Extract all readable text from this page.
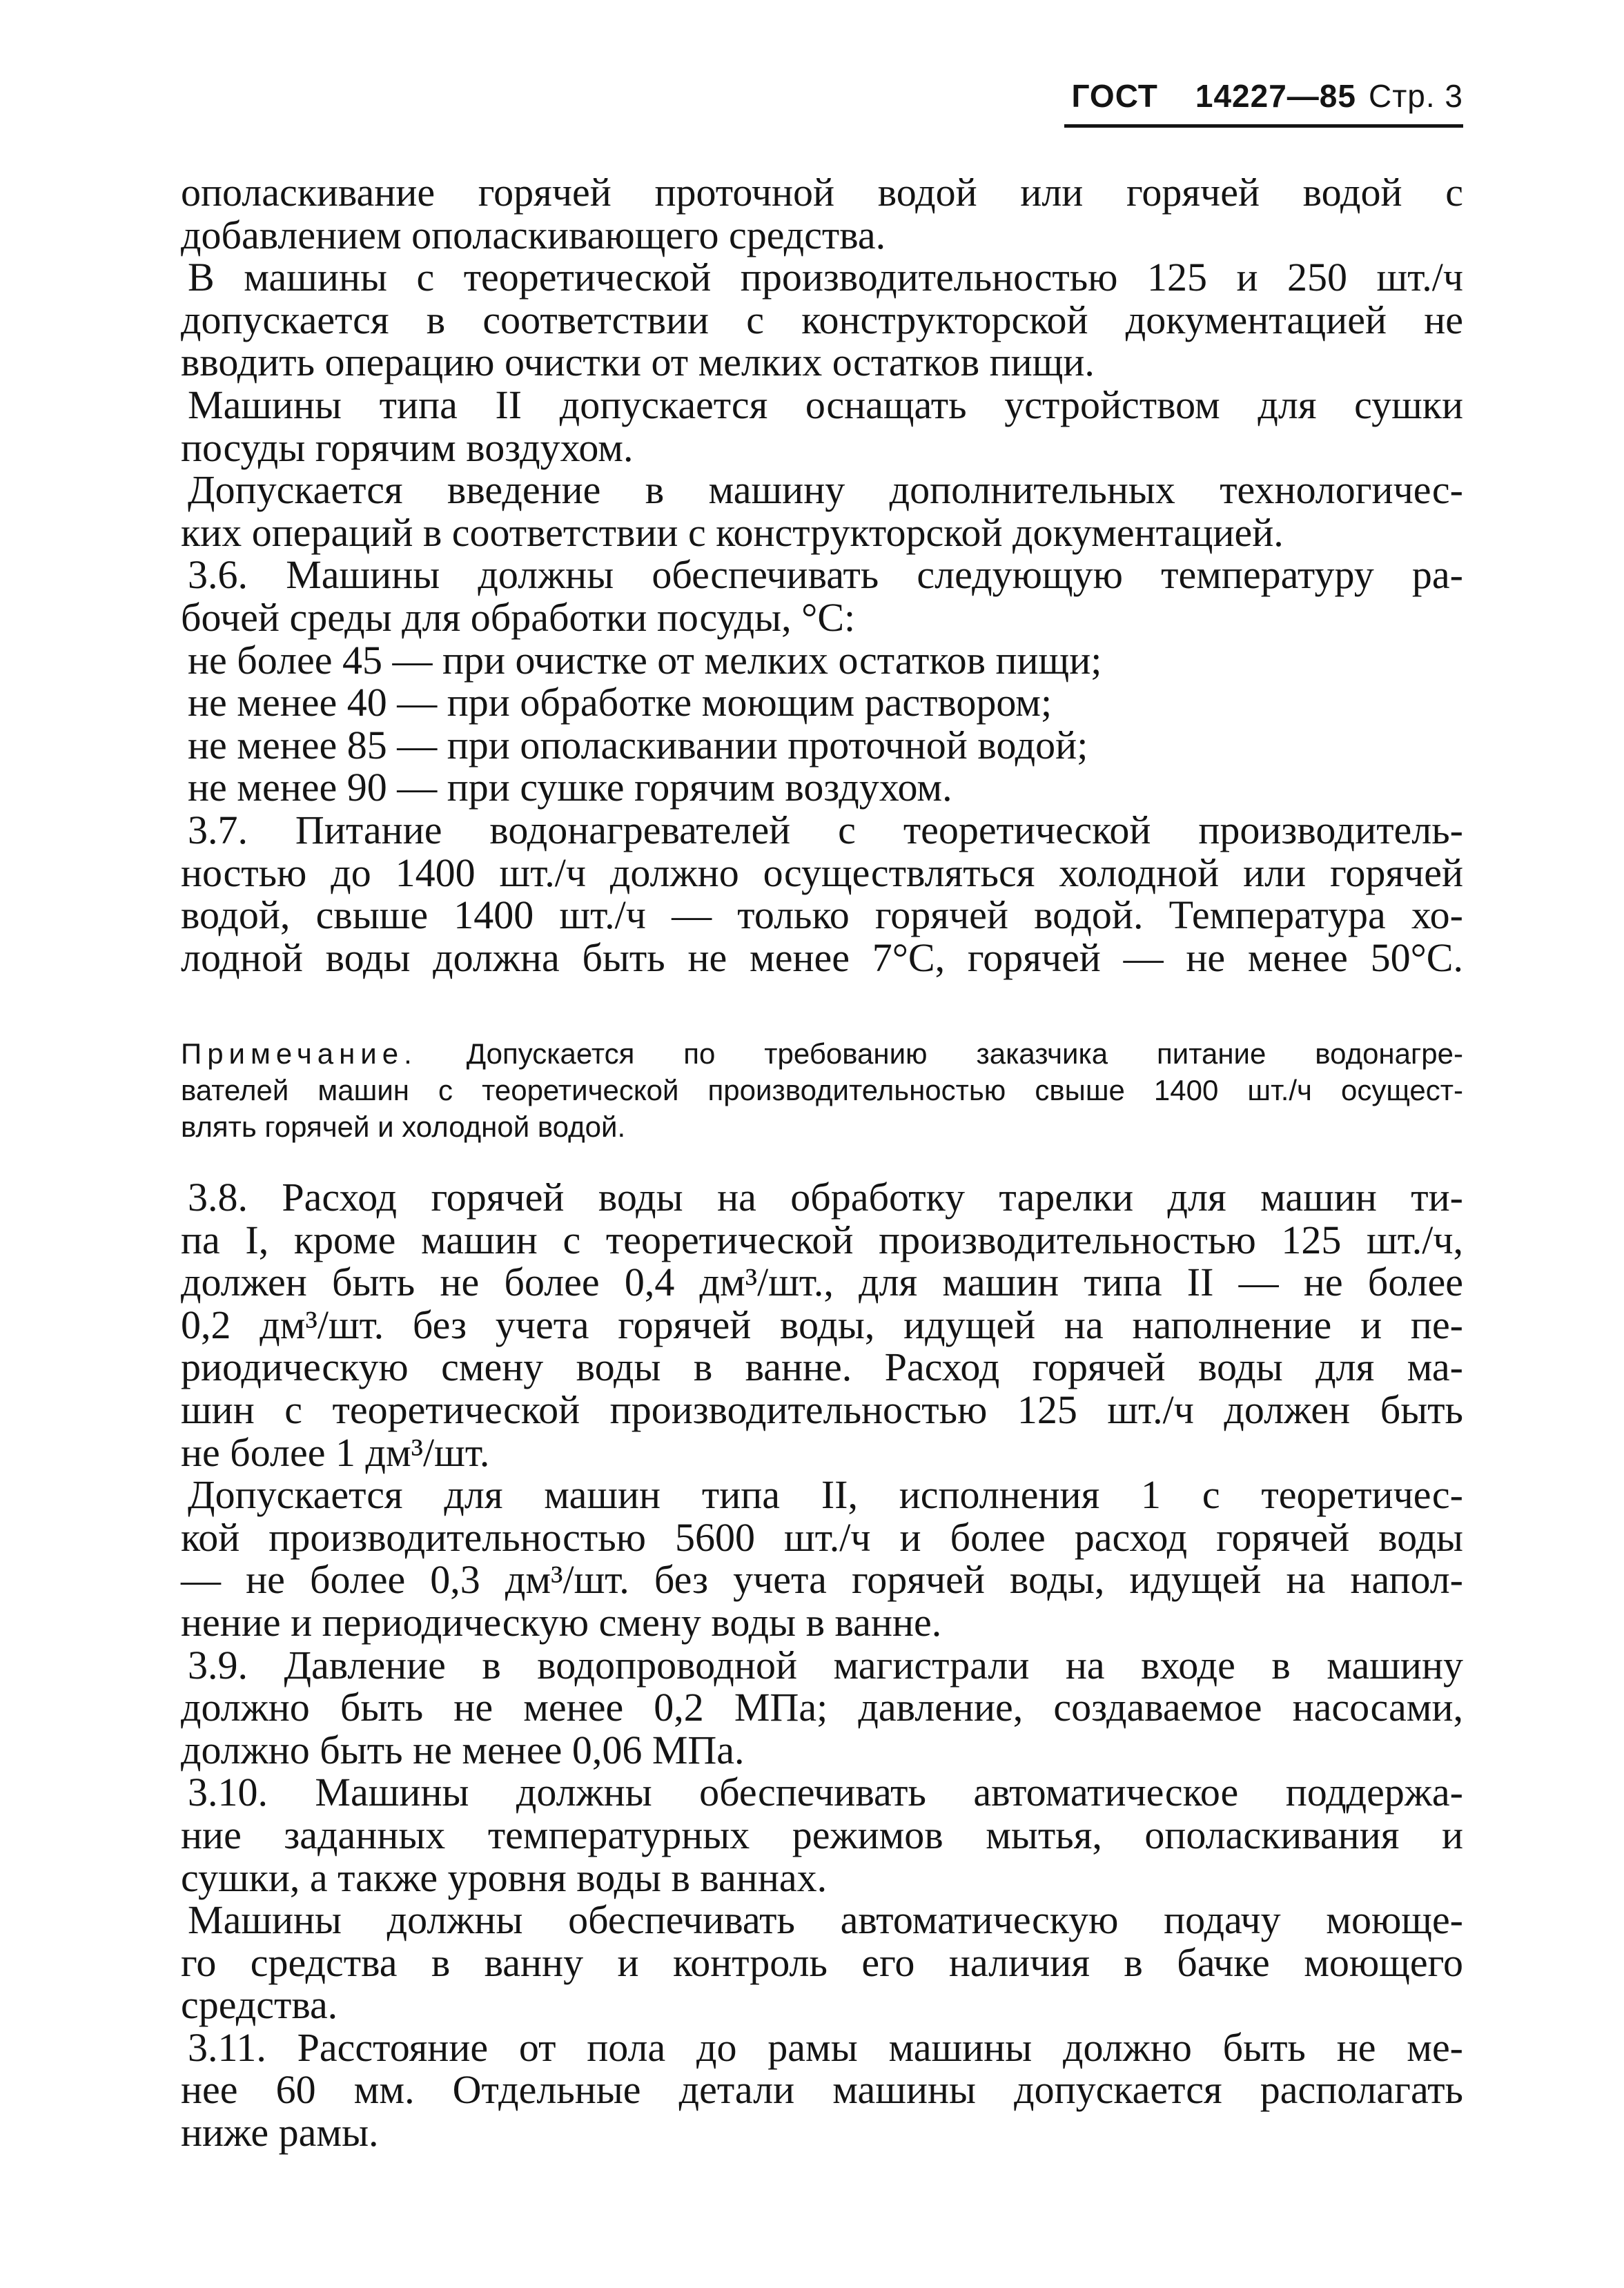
ГОСТ 14227—85 Стр. 3
ополаскивание горячей проточной водой или горячей водой с
добавлением ополаскивающего средства.
В машины с теоретической производительностью 125 и 250 шт./ч
допускается в соответствии с конструкторской документацией не
вводить операцию очистки от мелких остатков пищи.
Машины типа II допускается оснащать устройством для сушки
посуды горячим воздухом.
Допускается введение в машину дополнительных технологичес-
ких операций в соответствии с конструкторской документацией.
3.6. Машины должны обеспечивать следующую температуру ра-
бочей среды для обработки посуды, °С:
не более 45 — при очистке от мелких остатков пищи;
не менее 40 — при обработке моющим раствором;
не менее 85 — при ополаскивании проточной водой;
не менее 90 — при сушке горячим воздухом.
3.7. Питание водонагревателей с теоретической производитель-
ностью до 1400 шт./ч должно осуществляться холодной или горячей
водой, свыше 1400 шт./ч — только горячей водой. Температура хо-
лодной воды должна быть не менее 7°С, горячей — не менее 50°С.
Примечание. Допускается по требованию заказчика питание водонагре-
вателей машин с теоретической производительностью свыше 1400 шт./ч осущест-
влять горячей и холодной водой.
3.8. Расход горячей воды на обработку тарелки для машин ти-
па I, кроме машин с теоретической производительностью 125 шт./ч,
должен быть не более 0,4 дм³/шт., для машин типа II — не более
0,2 дм³/шт. без учета горячей воды, идущей на наполнение и пе-
риодическую смену воды в ванне. Расход горячей воды для ма-
шин с теоретической производительностью 125 шт./ч должен быть
не более 1 дм³/шт.
Допускается для машин типа II, исполнения 1 с теоретичес-
кой производительностью 5600 шт./ч и более расход горячей воды
— не более 0,3 дм³/шт. без учета горячей воды, идущей на напол-
нение и периодическую смену воды в ванне.
3.9. Давление в водопроводной магистрали на входе в машину
должно быть не менее 0,2 МПа; давление, создаваемое насосами,
должно быть не менее 0,06 МПа.
3.10. Машины должны обеспечивать автоматическое поддержа-
ние заданных температурных режимов мытья, ополаскивания и
сушки, а также уровня воды в ваннах.
Машины должны обеспечивать автоматическую подачу моюще-
го средства в ванну и контроль его наличия в бачке моющего
средства.
3.11. Расстояние от пола до рамы машины должно быть не ме-
нее 60 мм. Отдельные детали машины допускается располагать
ниже рамы.
